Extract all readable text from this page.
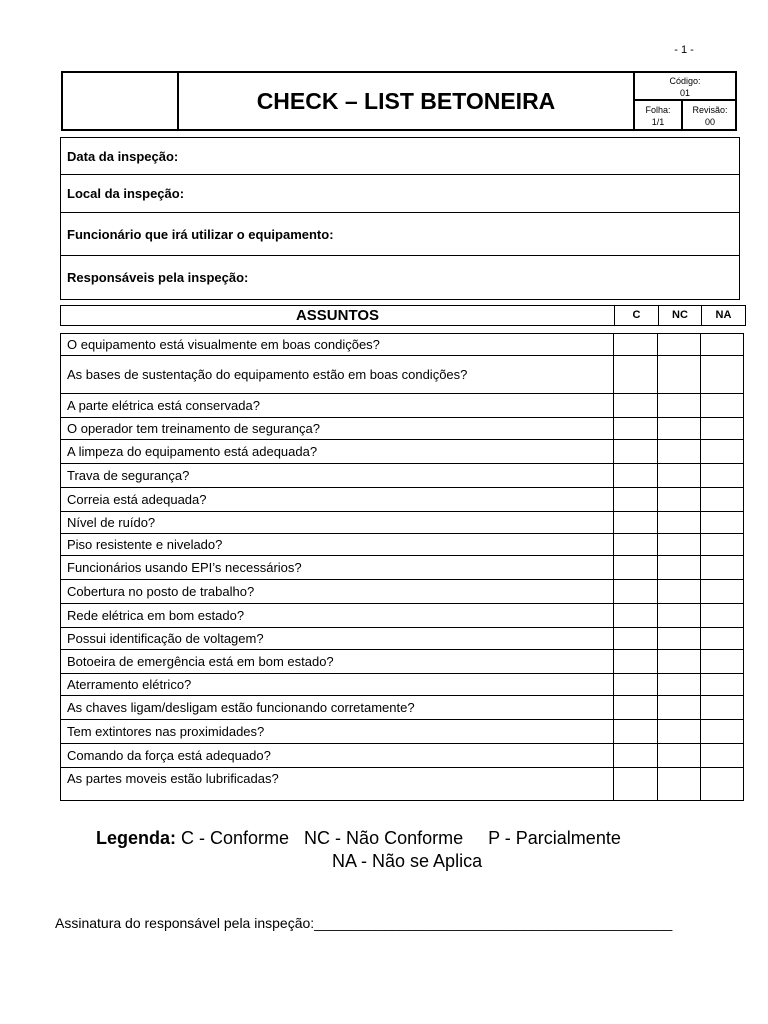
- 1 -
CHECK – LIST BETONEIRA
Código:
01
Folha:
1/1
Revisão:
00
Data da inspeção:
Local da inspeção:
Funcionário que irá utilizar o equipamento:
Responsáveis pela inspeção:
ASSUNTOS	C	NC	NA
O equipamento está visualmente em boas condições?
As bases de sustentação do equipamento estão em boas condições?
A parte elétrica está conservada?
O operador tem treinamento de segurança?
A limpeza do equipamento está adequada?
Trava de segurança?
Correia está adequada?
Nível de ruído?
Piso resistente e nivelado?
Funcionários usando EPI’s necessários?
Cobertura no posto de trabalho?
Rede elétrica em bom estado?
Possui identificação de voltagem?
Botoeira de emergência está em bom estado?
Aterramento elétrico?
As chaves ligam/desligam estão funcionando corretamente?
Tem extintores nas proximidades?
Comando da força está adequado?
As partes moveis estão lubrificadas?
Legenda: C - Conforme   NC - Não Conforme     P - Parcialmente
NA - Não se Aplica
Assinatura do responsável pela inspeção:______________________________________________
